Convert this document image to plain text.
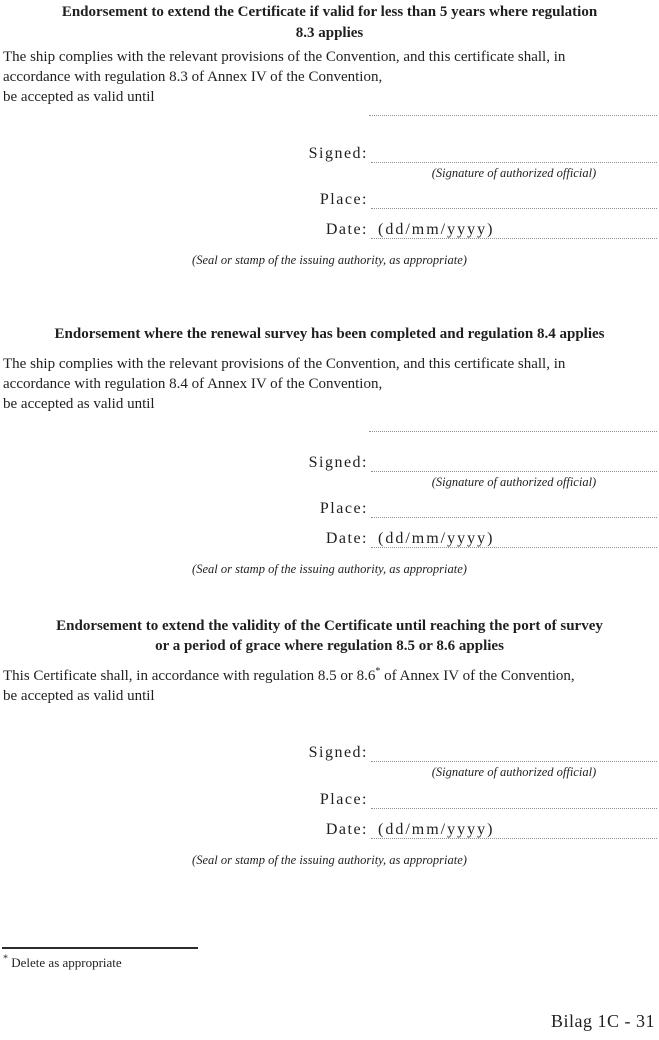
Endorsement to extend the Certificate if valid for less than 5 years where regulation
8.3 applies
The ship complies with the relevant provisions of the Convention, and this certificate shall, in
accordance with regulation 8.3 of Annex IV of the Convention,
be accepted as valid until
Signed:
(Signature of authorized official)
Place:
Date: (dd/mm/yyyy)
(Seal or stamp of the issuing authority, as appropriate)
Endorsement where the renewal survey has been completed and regulation 8.4 applies
The ship complies with the relevant provisions of the Convention, and this certificate shall, in
accordance with regulation 8.4 of Annex IV of the Convention,
be accepted as valid until
Signed:
(Signature of authorized official)
Place:
Date: (dd/mm/yyyy)
(Seal or stamp of the issuing authority, as appropriate)
Endorsement to extend the validity of the Certificate until reaching the port of survey
or a period of grace where regulation 8.5 or 8.6 applies
This Certificate shall, in accordance with regulation 8.5 or 8.6* of Annex IV of the Convention,
be accepted as valid until
Signed:
(Signature of authorized official)
Place:
Date: (dd/mm/yyyy)
(Seal or stamp of the issuing authority, as appropriate)
* Delete as appropriate
Bilag 1C - 31
